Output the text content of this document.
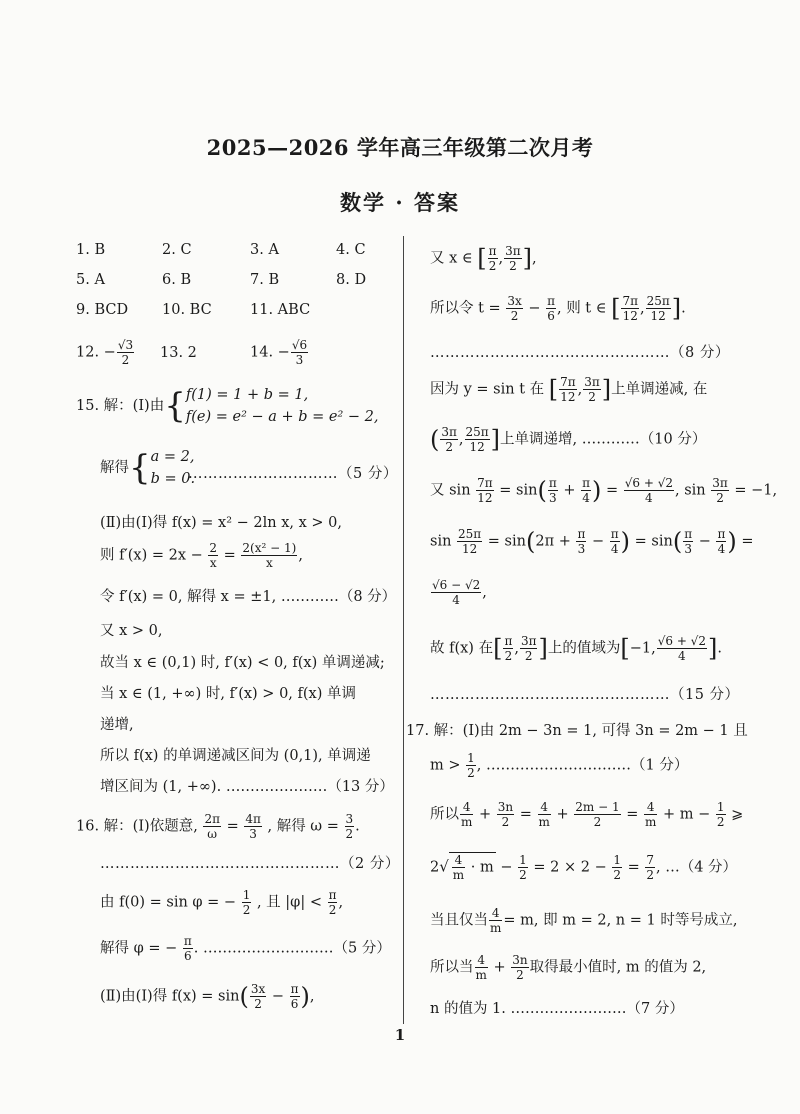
2025—2026 学年高三年级第二次月考
数学 · 答案
1. B	2. C	3. A	4. C
5. A	6. B	7. B	8. D
9. BCD 10. BC	11. ABC
12. − $\frac{√3}{2} 13$. 2	14. − $\frac{√6}{3}$
15. 解：(Ⅰ)由{f(1) = 1 + b = 1,
f(e) = e² − a + b = e² − 2,
解得{a = 2,
b = 0.
…………………………（5 分）
(Ⅱ)由(Ⅰ)得 f(x) = x² − 2ln x, x > 0,
则 $f'(x) = 2x - \frac{2}{x} = \frac{\text{2(x² − 1)}}{x}$ ,
令 f′(x) = 0, 解得 x = ±1, …………（8 分）
又 x > 0,
故当 x ∈ (0,1) 时, f′(x) < 0, f(x) 单调递减;
当 x ∈ (1, +∞) 时, f′(x) > 0, f(x) 单调
递增,
所以 f(x) 的单调递减区间为 (0,1), 单调递
增区间为 (1, +∞). …………………（13 分）
16. 解：(Ⅰ)依题意, $\frac{2\pi}{\omega} = \frac{4\pi}{3}$ , 解得 $\omega = \frac{3}{2}$ .
…………………………………………（2 分）
由 f(0) = sin φ = − $\frac{1}{2}$ , 且 $|\varphi| < \frac{\pi}{2}$ ,
解得 φ = − $\frac{\pi}{6}$ . ………………………（5 分）
(Ⅱ)由(Ⅰ)得 $f(x) = \sin( \frac{3x}{2} - \frac{\pi}{6}$ ),
又 x ∈ [ $\frac{\pi}{2}$ , $\frac{3\pi}{2}$ ],
所以令 $t = \frac{3x}{2} - \frac{\pi}{6}$ , 则 t ∈ [ $\frac{7\pi}{12}$ , $\frac{25\pi}{12}$ ].
…………………………………………（8 分）
因为 y = sin t 在 [ $\frac{7\pi}{12}$ , $\frac{3\pi}{2}$ ]上单调递减, 在
( $\frac{3\pi}{2}$ , $\frac{25\pi}{12}$ ]上单调递增, …………（10 分）
又 $\sin \frac{7\pi}{12} = \sin( \frac{\pi}{3} + \frac{\pi}{4}$ ) = $\frac{√6 + √2}{4}$ , $\sin \frac{3\pi}{2} = -1$,
$\sin \frac{25\pi}{12} = \sin(2\pi + \frac{\pi}{3} - \frac{\pi}{4}$ ) = $\sin( \frac{\pi}{3} - \frac{\pi}{4}$ ) =
$\frac{√6 - √2}{4}$ ,
故 f(x) 在[ $\frac{\pi}{2}$ , $\frac{3\pi}{2}$ ]上的值域为[−1, $\frac{√6 + √2}{4}$ ].
…………………………………………（15 分）
17. 解：(Ⅰ)由 2m − 3n = 1, 可得 3n = 2m − 1 且
$m > \frac{1}{2}$ , …………………………（1 分）
所以 $\frac{4}{m} + \frac{3n}{2} = \frac{4}{m} + \frac{2m - 1}{2} = \frac{4}{m} + m - \frac{1}{2}$ ⩾
$2√ \frac{4}{m} \cdot m - \frac{1}{2} = 2 \times 2 - \frac{1}{2} = \frac{7}{2}$ , …（4 分）
当且仅当 $\frac{4}{m} = m$, 即 m = 2, n = 1 时等号成立,
所以当 $\frac{4}{m} + \frac{3n}{2}$ 取得最小值时, m 的值为 2,
n 的值为 1. ……………………（7 分）
1
